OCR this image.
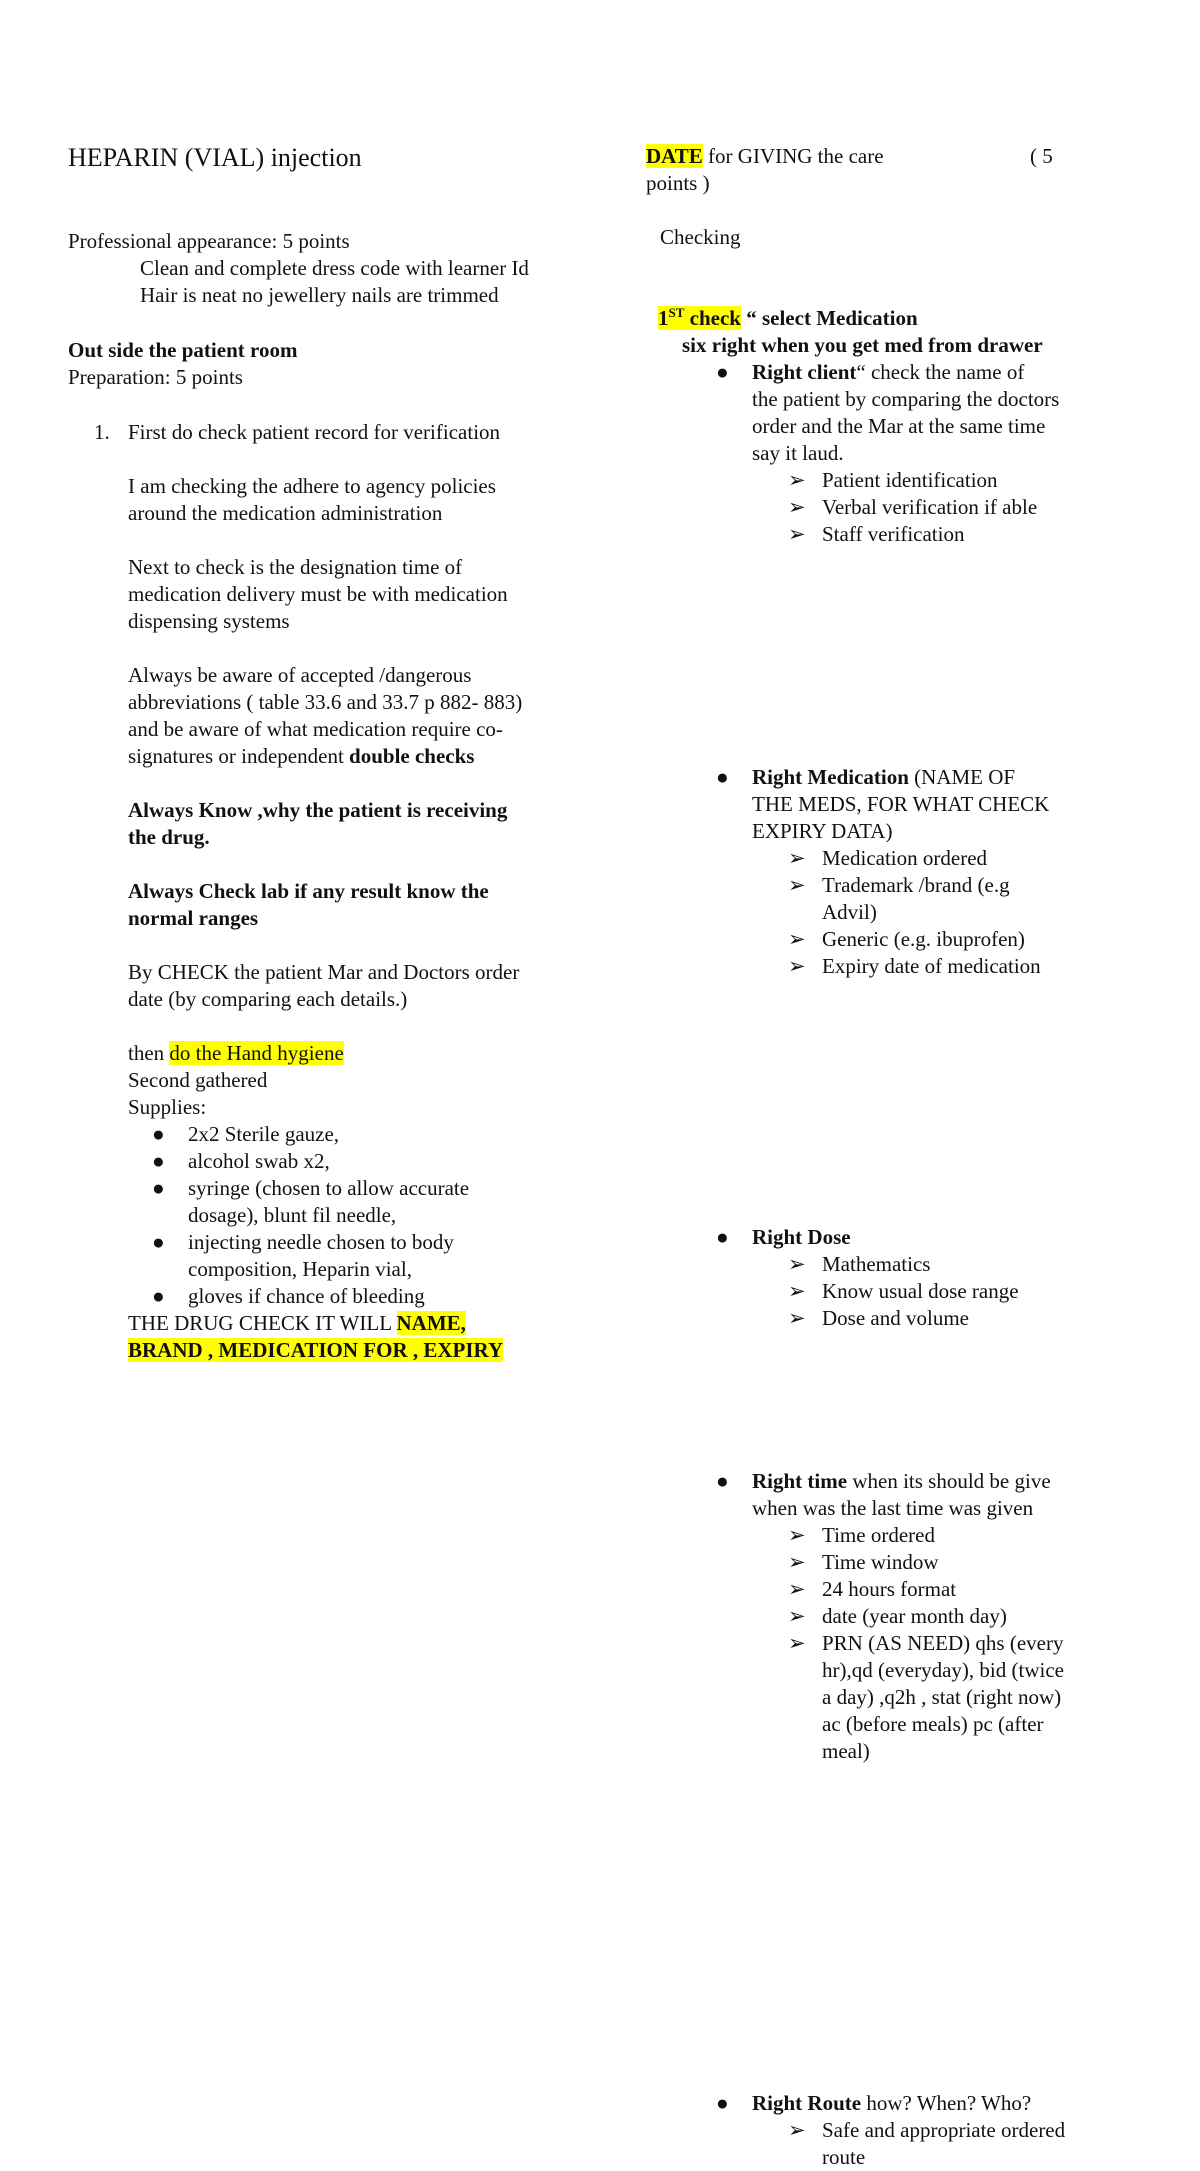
HEPARIN (VIAL) injection
Professional appearance: 5 points
Clean and complete dress code with learner Id
Hair is neat no jewellery nails are trimmed
Out side the patient room
Preparation: 5 points
1. First do check patient record for verification
I am checking the adhere to agency policies
around the medication administration
Next to check is the designation time of
medication delivery must be with medication
dispensing systems
Always be aware of accepted /dangerous
abbreviations ( table 33.6 and 33.7 p 882- 883)
and be aware of what medication require co-
signatures or independent double checks
Always Know ,why the patient is receiving
the drug.
Always Check lab if any result know the
normal ranges
By CHECK the patient Mar and Doctors order
date (by comparing each details.)
then do the Hand hygiene
Second gathered
Supplies:
● 2x2 Sterile gauze,
● alcohol swab x2,
● syringe (chosen to allow accurate
dosage), blunt fil needle,
● injecting needle chosen to body
composition, Heparin vial,
● gloves if chance of bleeding
THE DRUG CHECK IT WILL NAME,
BRAND , MEDICATION FOR , EXPIRY
DATE for GIVING the care	( 5
points )
Checking
1ST check “ select Medication
six right when you get med from drawer
● Right client“ check the name of
the patient by comparing the doctors
order and the Mar at the same time
say it laud.
➢ Patient identification
➢ Verbal verification if able
➢ Staff verification
● Right Medication (NAME OF
THE MEDS, FOR WHAT CHECK
EXPIRY DATA)
➢ Medication ordered
➢ Trademark /brand (e.g
Advil)
➢ Generic (e.g. ibuprofen)
➢ Expiry date of medication
● Right Dose
➢ Mathematics
➢ Know usual dose range
➢ Dose and volume
● Right time when its should be give
when was the last time was given
➢ Time ordered
➢ Time window
➢ 24 hours format
➢ date (year month day)
➢ PRN (AS NEED) qhs (every
hr),qd (everyday), bid (twice
a day) ,q2h , stat (right now)
ac (before meals) pc (after
meal)
● Right Route how? When? Who?
➢ Safe and appropriate ordered
route
